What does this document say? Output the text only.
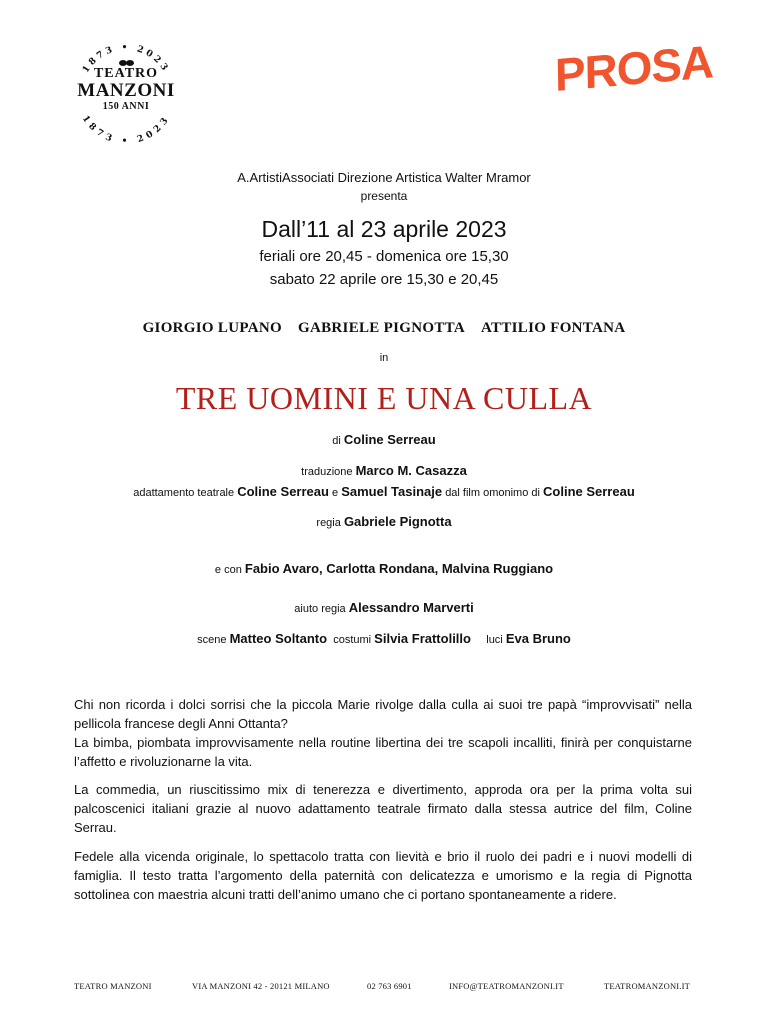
1873 • 2023
1873 • 2023
TEATRO
MANZONI
150 ANNI
PROSA
A.ArtistiAssociati Direzione Artistica Walter Mramor
presenta
Dall’11 al 23 aprile 2023
feriali ore 20,45 - domenica ore 15,30
sabato 22 aprile ore 15,30 e 20,45
GIORGIO LUPANO GABRIELE PIGNOTTA ATTILIO FONTANA
in
TRE UOMINI E UNA CULLA
di Coline Serreau
traduzione Marco M. Casazza
adattamento teatrale Coline Serreau e Samuel Tasinaje dal film omonimo di Coline Serreau
regia Gabriele Pignotta
e con Fabio Avaro, Carlotta Rondana, Malvina Ruggiano
aiuto regia Alessandro Marverti
scene Matteo Soltanto costumi Silvia Frattolillo luci Eva Bruno
Chi non ricorda i dolci sorrisi che la piccola Marie rivolge dalla culla ai suoi tre papà “improvvisati” nella pellicola francese degli Anni Ottanta?
La bimba, piombata improvvisamente nella routine libertina dei tre scapoli incalliti, finirà per conquistarne l’affetto e rivoluzionarne la vita.
La commedia, un riuscitissimo mix di tenerezza e divertimento, approda ora per la prima volta sui palcoscenici italiani grazie al nuovo adattamento teatrale firmato dalla stessa autrice del film, Coline Serrau.
Fedele alla vicenda originale, lo spettacolo tratta con lievità e brio il ruolo dei padri e i nuovi modelli di famiglia. Il testo tratta l’argomento della paternità con delicatezza e umorismo e la regia di Pignotta sottolinea con maestria alcuni tratti dell’animo umano che ci portano spontaneamente a ridere.
TEATRO MANZONI	VIA MANZONI 42 - 20121 MILANO	02 763 6901	INFO@TEATROMANZONI.IT	TEATROMANZONI.IT
